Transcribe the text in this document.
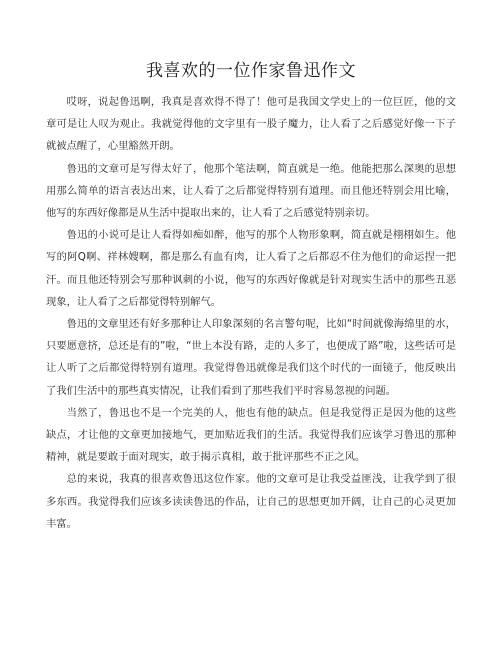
我喜欢的一位作家鲁迅作文

哎呀，说起鲁迅啊，我真是喜欢得不得了！他可是我国文学史上的一位巨匠，他的文章可是让人叹为观止。我就觉得他的文字里有一股子魔力，让人看了之后感觉好像一下子就被点醒了，心里豁然开朗。

鲁迅的文章可是写得太好了，他那个笔法啊，简直就是一绝。他能把那么深奥的思想用那么简单的语言表达出来，让人看了之后都觉得特别有道理。而且他还特别会用比喻，他写的东西好像都是从生活中提取出来的，让人看了之后感觉特别亲切。

鲁迅的小说可是让人看得如痴如醉，他写的那个人物形象啊，简直就是栩栩如生。他写的阿Q啊、祥林嫂啊，都是那么有血有肉，让人看了之后都忍不住为他们的命运捏一把汗。而且他还特别会写那种讽刺的小说，他写的东西好像就是针对现实生活中的那些丑恶现象，让人看了之后都觉得特别解气。

鲁迅的文章里还有好多那种让人印象深刻的名言警句呢，比如“时间就像海绵里的水，只要愿意挤，总还是有的”啦，“世上本没有路，走的人多了，也便成了路”啦，这些话可是让人听了之后都觉得特别有道理。我觉得鲁迅就像是我们这个时代的一面镜子，他反映出了我们生活中的那些真实情况，让我们看到了那些我们平时容易忽视的问题。

当然了，鲁迅也不是一个完美的人，他也有他的缺点。但是我觉得正是因为他的这些缺点，才让他的文章更加接地气，更加贴近我们的生活。我觉得我们应该学习鲁迅的那种精神，就是要敢于面对现实，敢于揭示真相，敢于批评那些不正之风。

总的来说，我真的很喜欢鲁迅这位作家。他的文章可是让我受益匪浅，让我学到了很多东西。我觉得我们应该多读读鲁迅的作品，让自己的思想更加开阔，让自己的心灵更加丰富。
